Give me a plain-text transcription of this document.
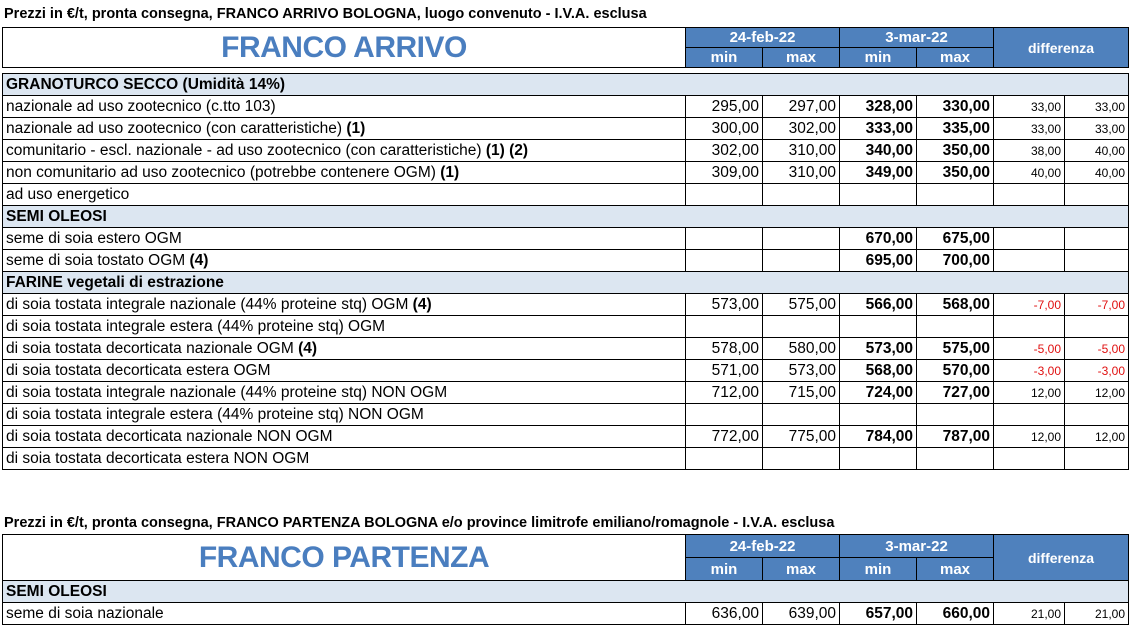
Prezzi in €/t, pronta consegna, FRANCO ARRIVO BOLOGNA, luogo convenuto - I.V.A. esclusa
FRANCO ARRIVO	24-feb-22		3-mar-22		differenza	
	min	max	min	max		

GRANOTURCO SECCO (Umidità 14%)						
nazionale ad uso zootecnico (c.tto 103)	295,00	297,00	328,00	330,00	33,00	33,00
nazionale ad uso zootecnico (con caratteristiche) (1)	300,00	302,00	333,00	335,00	33,00	33,00
comunitario - escl. nazionale - ad uso zootecnico (con caratteristiche) (1) (2)	302,00	310,00	340,00	350,00	38,00	40,00
non comunitario ad uso zootecnico (potrebbe contenere OGM) (1)	309,00	310,00	349,00	350,00	40,00	40,00
ad uso energetico						
SEMI OLEOSI						
seme di soia estero OGM			670,00	675,00		
seme di soia tostato OGM (4)			695,00	700,00		
FARINE vegetali di estrazione						
di soia tostata integrale nazionale (44% proteine stq) OGM (4)	573,00	575,00	566,00	568,00	-7,00	-7,00
di soia tostata integrale estera (44% proteine stq) OGM						
di soia tostata decorticata nazionale OGM (4)	578,00	580,00	573,00	575,00	-5,00	-5,00
di soia tostata decorticata estera OGM	571,00	573,00	568,00	570,00	-3,00	-3,00
di soia tostata integrale nazionale (44% proteine stq) NON OGM	712,00	715,00	724,00	727,00	12,00	12,00
di soia tostata integrale estera (44% proteine stq) NON OGM						
di soia tostata decorticata nazionale NON OGM	772,00	775,00	784,00	787,00	12,00	12,00
di soia tostata decorticata estera NON OGM						
Prezzi in €/t, pronta consegna, FRANCO PARTENZA BOLOGNA e/o province limitrofe emiliano/romagnole - I.V.A. esclusa
FRANCO PARTENZA	24-feb-22		3-mar-22		differenza	
	min	max	min	max		
SEMI OLEOSI						
seme di soia nazionale	636,00	639,00	657,00	660,00	21,00	21,00
